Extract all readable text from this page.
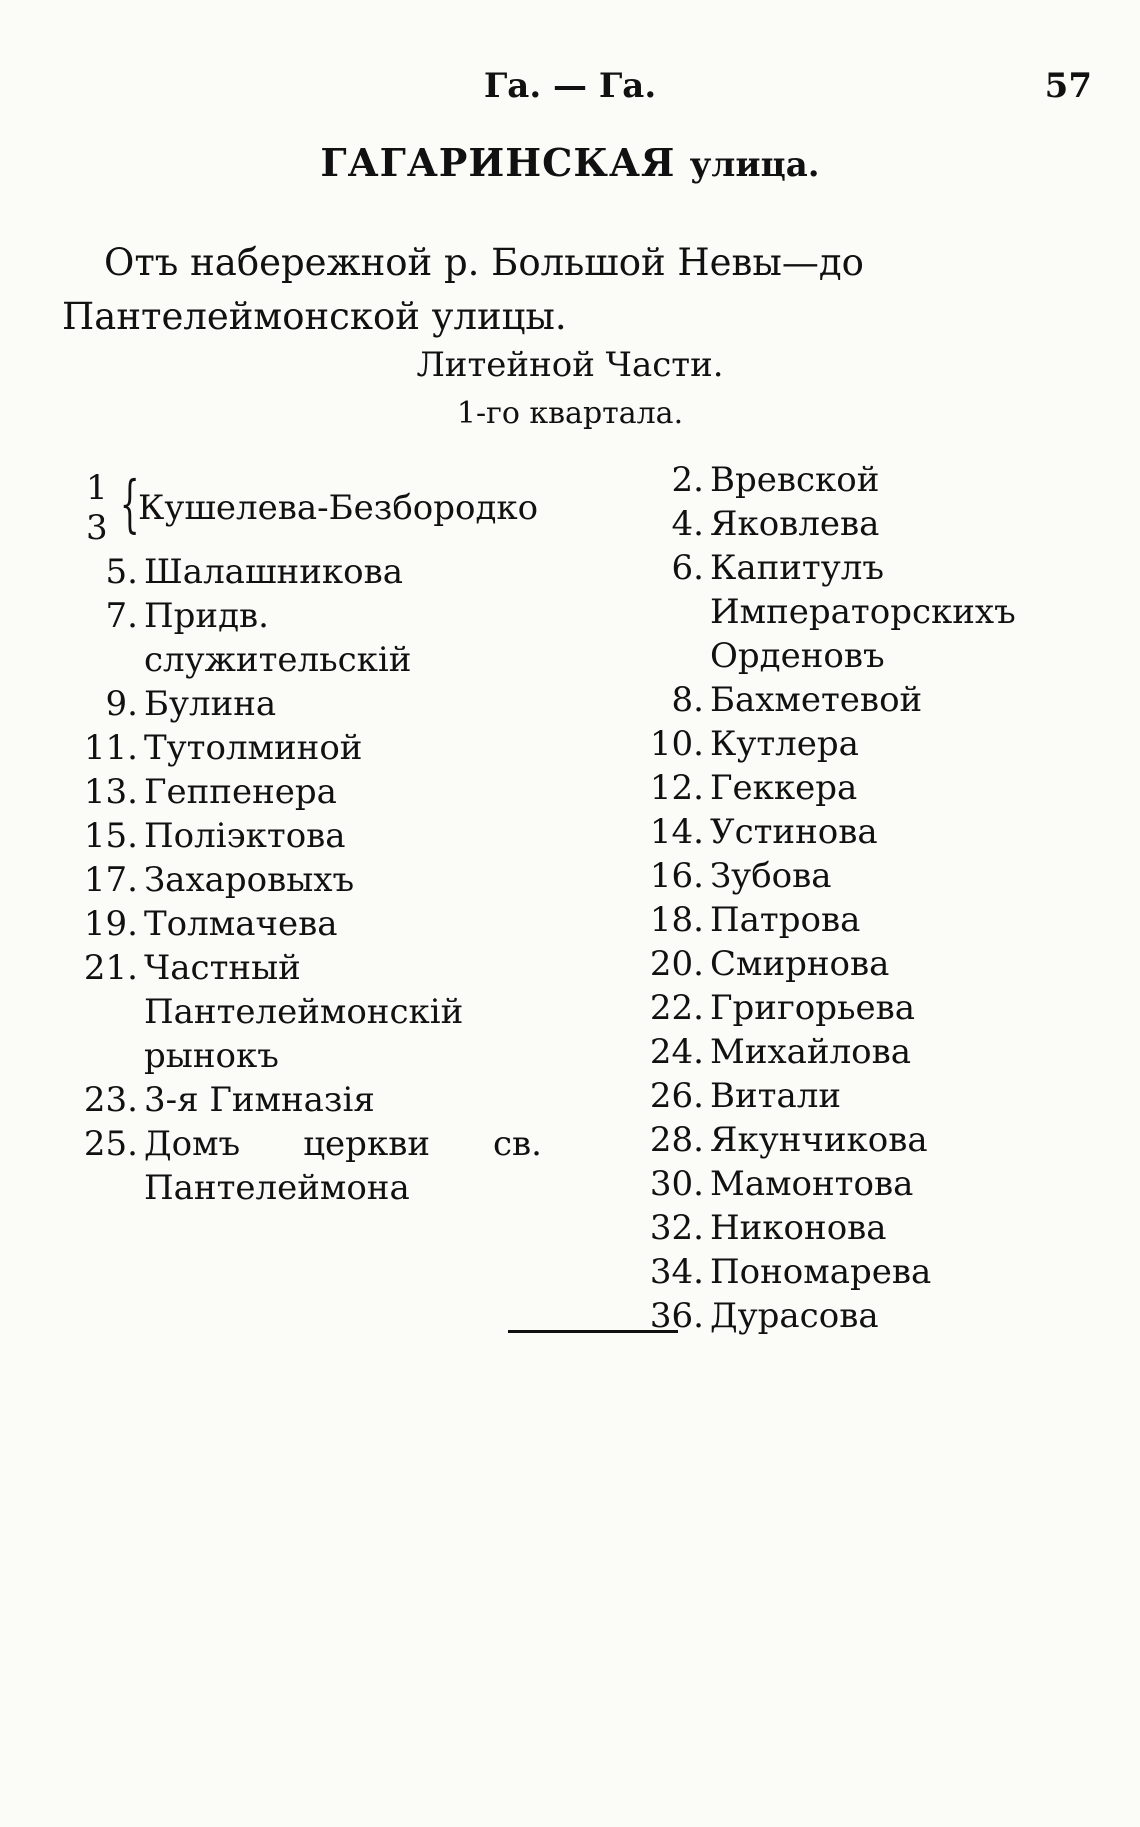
Га. — Га.	57
ГАГАРИНСКАЯ улица.
Отъ набережной р. Большой Невы—до Пантелеймонской улицы.
Литейной Части.
1-го квартала.
1
3 {
Кушелева-Безбородко
5. Шалашникова
7. Придв. служительскій
9. Булина
11. Тутолминой
13. Геппенера
15. Поліэктова
17. Захаровыхъ
19. Толмачева
21. Частный Пантелеймонскій рынокъ
23. 3-я Гимназія
25. Домъ церкви св. Пантелеймона
2. Вревской
4. Яковлева
6. Капитулъ Императорскихъ Орденовъ
8. Бахметевой
10. Кутлера
12. Геккера
14. Устинова
16. Зубова
18. Патрова
20. Смирнова
22. Григорьева
24. Михайлова
26. Витали
28. Якунчикова
30. Мамонтова
32. Никонова
34. Пономарева
36. Дурасова
